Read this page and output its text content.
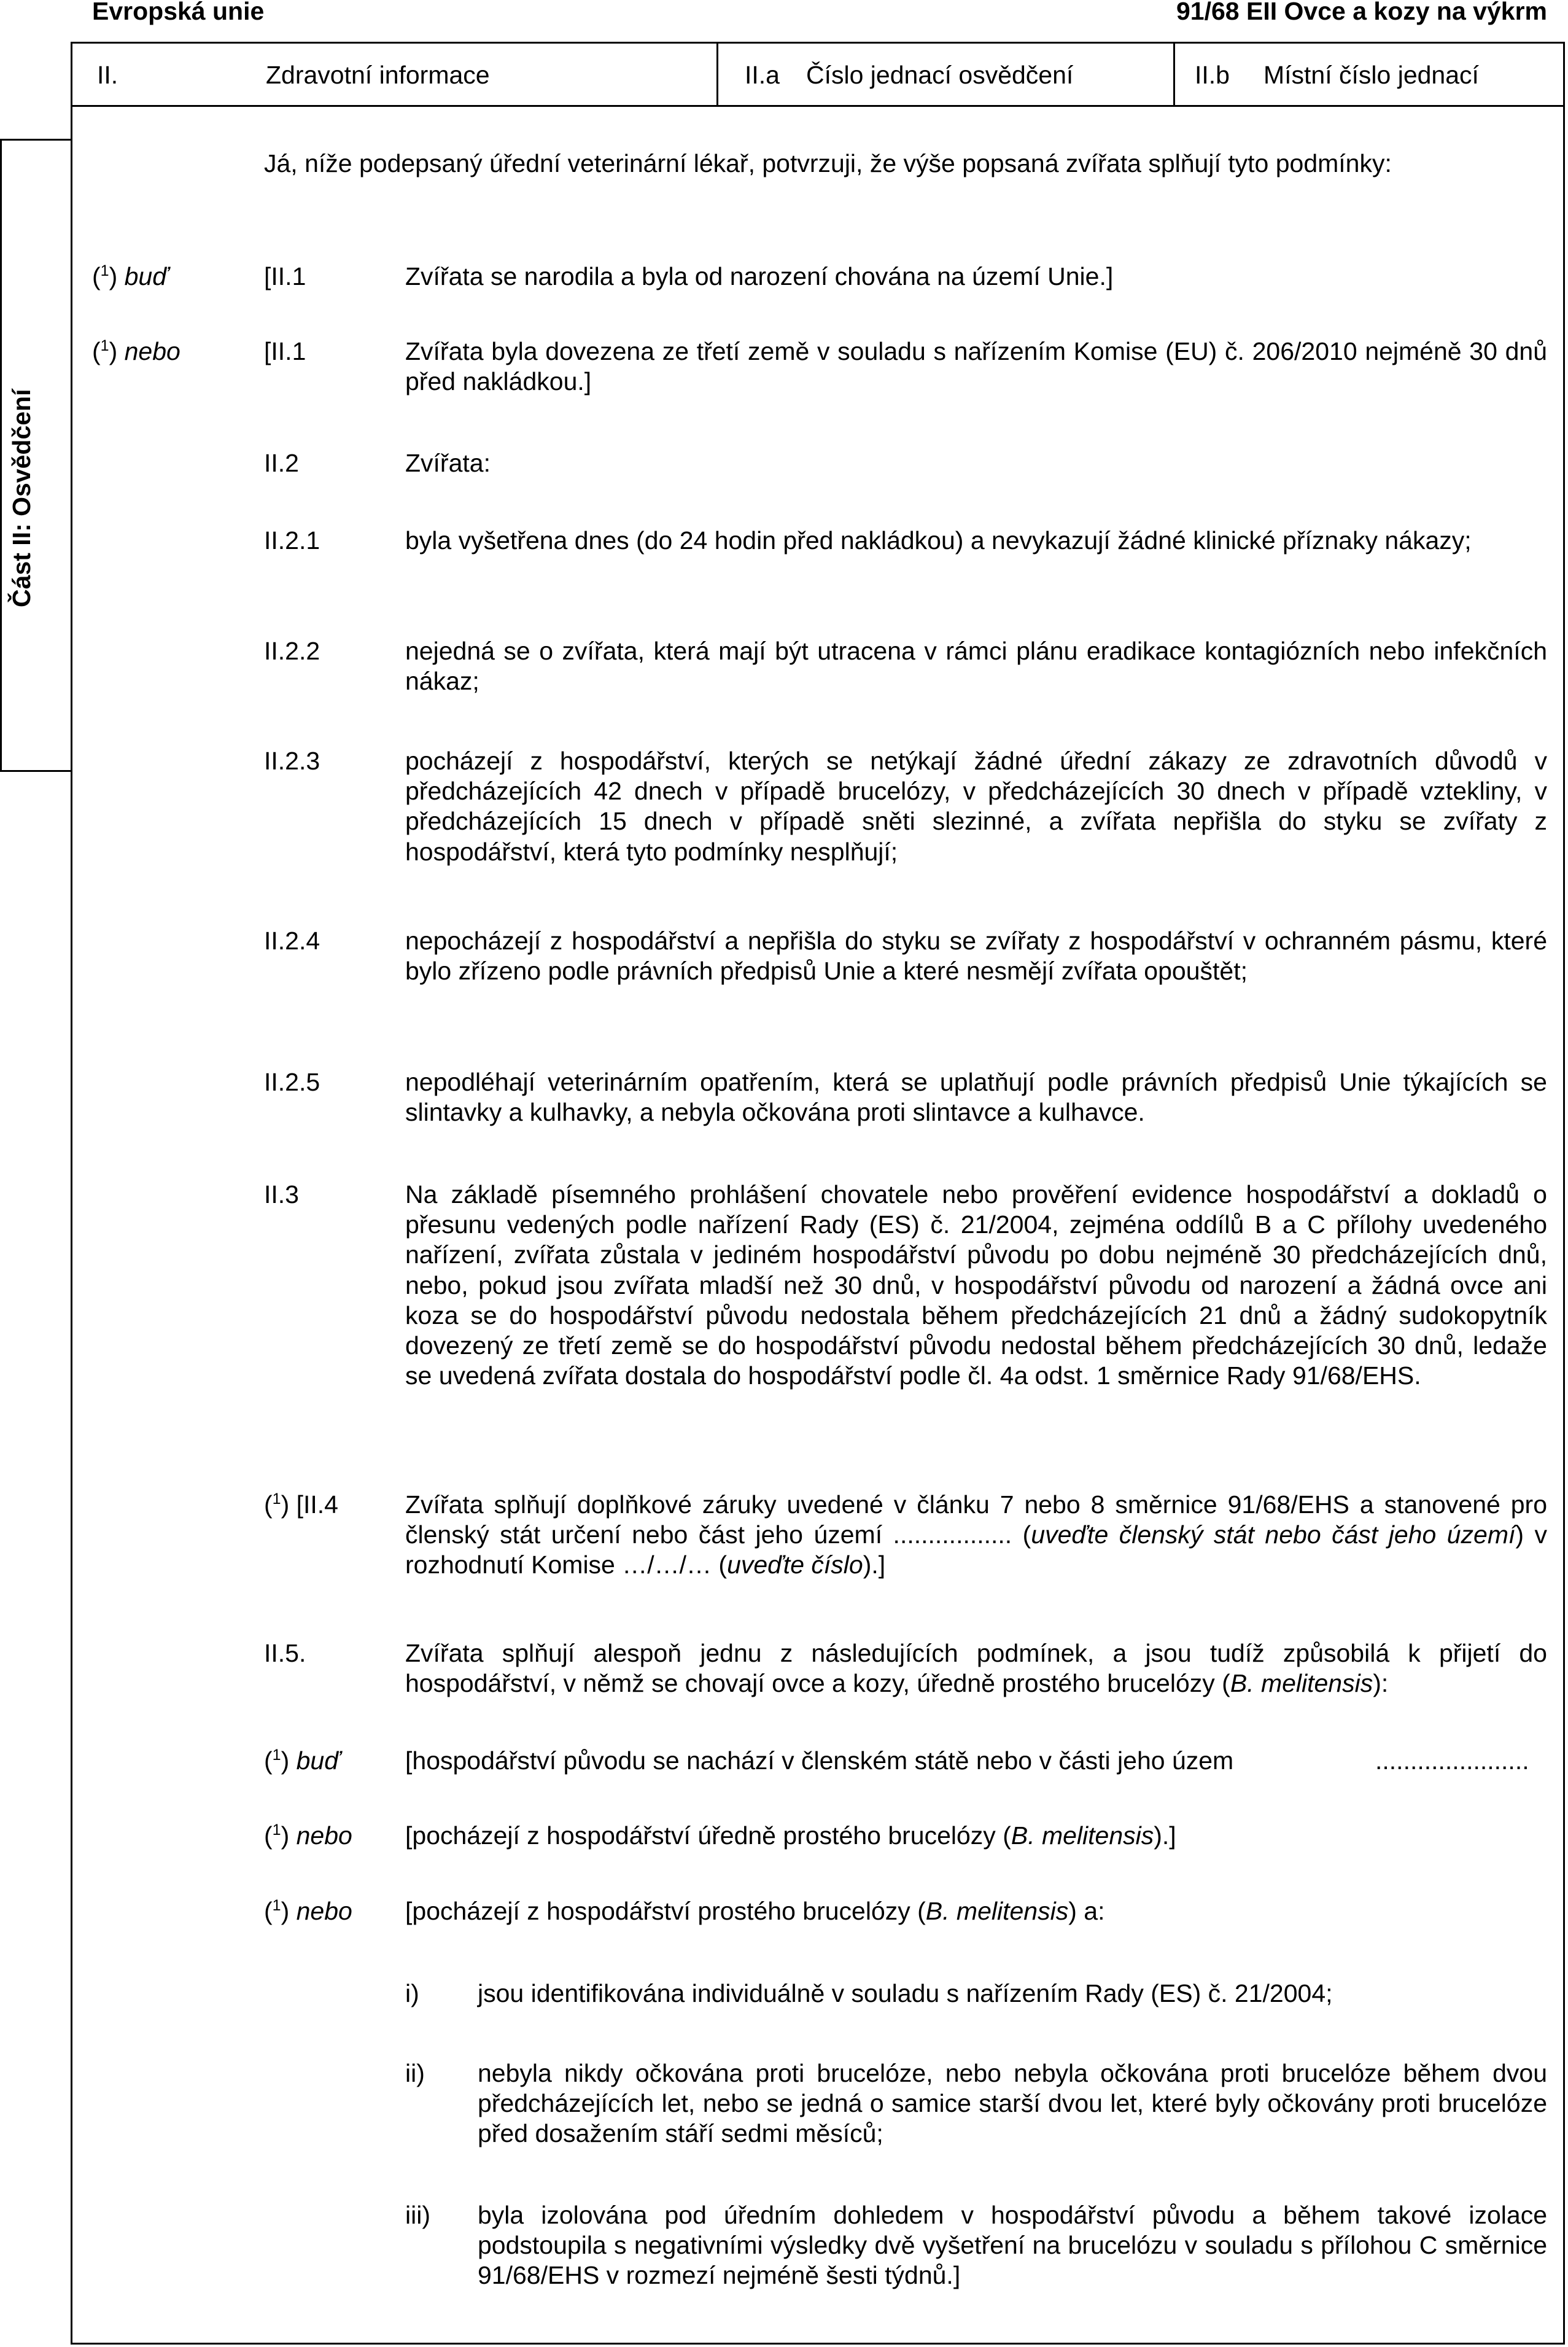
Evropská unie	91/68 EII Ovce a kozy na výkrm
Část II: Osvědčení
II.	Zdravotní informace	II.a Číslo jednací osvědčení	II.b Místní číslo jednací
Já, níže podepsaný úřední veterinární lékař, potvrzuji, že výše popsaná zvířata splňují tyto podmínky:
($^1$) buď	[II.1	Zvířata se narodila a byla od narození chována na území Unie.]
($^1$) nebo	[II.1	Zvířata byla dovezena ze třetí země v souladu s nařízením Komise (EU) č. 206/2010 nejméně 30 dnů před nakládkou.]
II.2	Zvířata:
II.2.1	byla vyšetřena dnes (do 24 hodin před nakládkou) a nevykazují žádné klinické příznaky nákazy;
II.2.2	nejedná se o zvířata, která mají být utracena v rámci plánu eradikace kontagiózních nebo infekčních nákaz;
II.2.3	pocházejí z hospodářství, kterých se netýkají žádné úřední zákazy ze zdravotních důvodů v předcházejících 42 dnech v případě brucelózy, v předcházejících 30 dnech v případě vztekliny, v předcházejících 15 dnech v případě sněti slezinné, a zvířata nepřišla do styku se zvířaty z hospodářství, která tyto podmínky nesplňují;
II.2.4	nepocházejí z hospodářství a nepřišla do styku se zvířaty z hospodářství v ochranném pásmu, které bylo zřízeno podle právních předpisů Unie a které nesmějí zvířata opouštět;
II.2.5	nepodléhají veterinárním opatřením, která se uplatňují podle právních předpisů Unie týkajících se slintavky a kulhavky, a nebyla očkována proti slintavce a kulhavce.
II.3	Na základě písemného prohlášení chovatele nebo prověření evidence hospodářství a dokladů o přesunu vedených podle nařízení Rady (ES) č. 21/2004, zejména oddílů B a C přílohy uvedeného nařízení, zvířata zůstala v jediném hospodářství původu po dobu nejméně 30 předcházejících dnů, nebo, pokud jsou zvířata mladší než 30 dnů, v hospodářství původu od narození a žádná ovce ani koza se do hospodářství původu nedostala během předcházejících 21 dnů a žádný sudokopytník dovezený ze třetí země se do hospodářství původu nedostal během předcházejících 30 dnů, ledaže se uvedená zvířata dostala do hospodářství podle čl. 4a odst. 1 směrnice Rady 91/68/EHS.
($^1$) [II.4	Zvířata splňují doplňkové záruky uvedené v článku 7 nebo 8 směrnice 91/68/EHS a stanovené pro členský stát určení nebo část jeho území ................. (uveďte členský stát nebo část jeho území) v rozhodnutí Komise …/…/… (uveďte číslo).]
II.5.	Zvířata splňují alespoň jednu z následujících podmínek, a jsou tudíž způsobilá k přijetí do hospodářství, v němž se chovají ovce a kozy, úředně prostého brucelózy (B. melitensis):
($^1$) buď	[hospodářství původu se nachází v členském státě nebo v části jeho územ	......................
($^1$) nebo [pocházejí z hospodářství úředně prostého brucelózy (B. melitensis).]
($^1$) nebo [pocházejí z hospodářství prostého brucelózy (B. melitensis) a:
i) jsou identifikována individuálně v souladu s nařízením Rady (ES) č. 21/2004;
ii) nebyla nikdy očkována proti brucelóze, nebo nebyla očkována proti brucelóze během dvou předcházejících let, nebo se jedná o samice starší dvou let, které byly očkovány proti brucelóze před dosažením stáří sedmi měsíců;
iii) byla izolována pod úředním dohledem v hospodářství původu a během takové izolace podstoupila s negativními výsledky dvě vyšetření na brucelózu v souladu s přílohou C směrnice 91/68/EHS v rozmezí nejméně šesti týdnů.]
